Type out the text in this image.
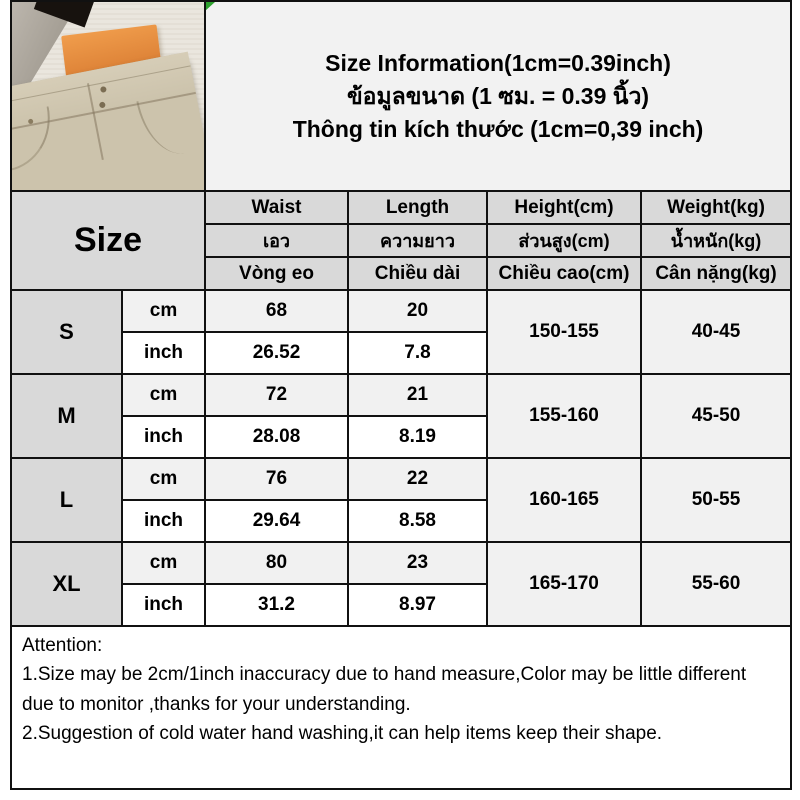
		Size Information(1cm=0.39inch)
ข้อมูลขนาด (1 ซม. = 0.39 นิ้ว)
Thông tin kích thước (1cm=0,39 inch)			

Size		Waist	Length	Height(cm)	Weight(kg)
		เอว	ความยาว	ส่วนสูง(cm)	น้ำหนัก(kg)
		Vòng eo	Chiều dài	Chiều cao(cm)	Cân nặng(kg)
S	cm	68	20	150-155	40-45
	inch	26.52	7.8		
M	cm	72	21	155-160	45-50
	inch	28.08	8.19		
L	cm	76	22	160-165	50-55
	inch	29.64	8.58		
XL	cm	80	23	165-170	55-60
	inch	31.2	8.97		

Attention:

1.Size may be 2cm/1inch inaccuracy due to hand measure,Color may be little different due to monitor ,thanks for your understanding.

2.Suggestion of cold water hand washing,it can help items keep their shape.					
